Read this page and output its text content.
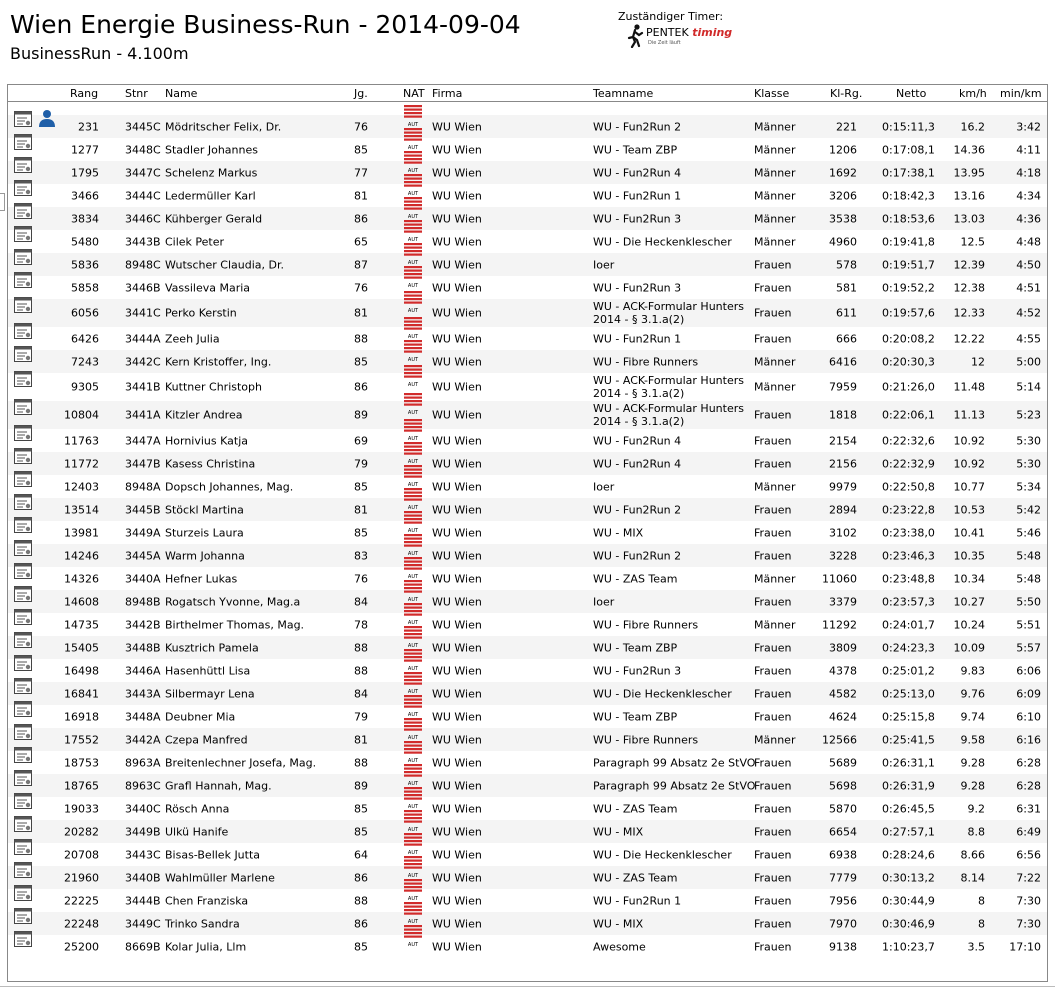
Wien Energie Business-Run - 2014-09-04
BusinessRun - 4.100m
Zuständiger Timer:
PENTEK timing
Die Zeit läuft
Rang Stnr Name	Jg.	NAT Firma	Teamname	Klasse	Kl-Rg.	Netto	km/h min/km
AUT
231 3445C Mödritscher Felix, Dr.	76	WU Wien	WU - Fun2Run 2	Männer	221 0:15:11,3 16.2	3:42
AUT
1277 3448C Stadler Johannes	85	WU Wien	WU - Team ZBP	Männer	1206 0:17:08,1 14.36	4:11
AUT
1795 3447C Schelenz Markus	77	WU Wien	WU - Fun2Run 4	Männer	1692 0:17:38,1 13.95	4:18
AUT
3466 3444C Ledermüller Karl	81	WU Wien	WU - Fun2Run 1	Männer	3206 0:18:42,3 13.16	4:34
AUT
3834 3446C Kühberger Gerald	86	WU Wien	WU - Fun2Run 3	Männer	3538 0:18:53,6 13.03	4:36
AUT
5480 3443B Cilek Peter	65	WU Wien	WU - Die Heckenklescher	Männer	4960 0:19:41,8 12.5	4:48
AUT
5836 8948C Wutscher Claudia, Dr.	87	WU Wien	Ioer	Frauen	578 0:19:51,7 12.39	4:50
AUT
5858 3446B Vassileva Maria	76	WU Wien	WU - Fun2Run 3	Frauen	581 0:19:52,2 12.38	4:51
AUT
6056 3441C Perko Kerstin	81	WU Wien	WU - ACK-Formular Hunters 2014 - § 3.1.a(2)	Frauen	611 0:19:57,6 12.33	4:52
AUT
6426 3444A Zeeh Julia	88	WU Wien	WU - Fun2Run 1	Frauen	666 0:20:08,2 12.22	4:55
AUT
7243 3442C Kern Kristoffer, Ing.	85	WU Wien	WU - Fibre Runners	Männer	6416 0:20:30,3	12	5:00
AUT
9305 3441B Kuttner Christoph	86	WU Wien	WU - ACK-Formular Hunters 2014 - § 3.1.a(2)	Männer	7959 0:21:26,0 11.48	5:14
AUT
10804 3441A Kitzler Andrea	89	WU Wien	WU - ACK-Formular Hunters 2014 - § 3.1.a(2)	Frauen	1818 0:22:06,1 11.13	5:23
AUT
11763 3447A Hornivius Katja	69	WU Wien	WU - Fun2Run 4	Frauen	2154 0:22:32,6 10.92	5:30
AUT
11772 3447B Kasess Christina	79	WU Wien	WU - Fun2Run 4	Frauen	2156 0:22:32,9 10.92	5:30
AUT
12403 8948A Dopsch Johannes, Mag.	85	WU Wien	Ioer	Männer	9979 0:22:50,8 10.77	5:34
AUT
13514 3445B Stöckl Martina	81	WU Wien	WU - Fun2Run 2	Frauen	2894 0:23:22,8 10.53	5:42
AUT
13981 3449A Sturzeis Laura	85	WU Wien	WU - MIX	Frauen	3102 0:23:38,0 10.41	5:46
AUT
14246 3445A Warm Johanna	83	WU Wien	WU - Fun2Run 2	Frauen	3228 0:23:46,3 10.35	5:48
AUT
14326 3440A Hefner Lukas	76	WU Wien	WU - ZAS Team	Männer 11060 0:23:48,8 10.34	5:48
AUT
14608 8948B Rogatsch Yvonne, Mag.a	84	WU Wien	Ioer	Frauen	3379 0:23:57,3 10.27	5:50
AUT
14735 3442B Birthelmer Thomas, Mag.	78	WU Wien	WU - Fibre Runners	Männer 11292 0:24:01,7 10.24	5:51
AUT
15405 3448B Kusztrich Pamela	88	WU Wien	WU - Team ZBP	Frauen	3809 0:24:23,3 10.09	5:57
AUT
16498 3446A Hasenhüttl Lisa	88	WU Wien	WU - Fun2Run 3	Frauen	4378 0:25:01,2 9.83	6:06
AUT
16841 3443A Silbermayr Lena	84	WU Wien	WU - Die Heckenklescher	Frauen	4582 0:25:13,0 9.76	6:09
AUT
16918 3448A Deubner Mia	79	WU Wien	WU - Team ZBP	Frauen	4624 0:25:15,8 9.74	6:10
AUT
17552 3442A Czepa Manfred	81	WU Wien	WU - Fibre Runners	Männer 12566 0:25:41,5 9.58	6:16
AUT
18753 8963A Breitenlechner Josefa, Mag.	88	WU Wien	Paragraph 99 Absatz 2e StVO
Frauen	5689 0:26:31,1 9.28	6:28
AUT
18765 8963C Grafl Hannah, Mag.	89	WU Wien	Paragraph 99 Absatz 2e StVO
Frauen	5698 0:26:31,9 9.28	6:28
AUT
19033 3440C Rösch Anna	85	WU Wien	WU - ZAS Team	Frauen	5870 0:26:45,5	9.2	6:31
AUT
20282 3449B Ulkü Hanife	85	WU Wien	WU - MIX	Frauen	6654 0:27:57,1	8.8	6:49
AUT
20708 3443C Bisas-Bellek Jutta	64	WU Wien	WU - Die Heckenklescher	Frauen	6938 0:28:24,6 8.66	6:56
AUT
21960 3440B Wahlmüller Marlene	86	WU Wien	WU - ZAS Team	Frauen	7779 0:30:13,2 8.14	7:22
AUT
22225 3444B Chen Franziska	88	WU Wien	WU - Fun2Run 1	Frauen	7956 0:30:44,9	8	7:30
AUT
22248 3449C Trinko Sandra	86	WU Wien	WU - MIX	Frauen	7970 0:30:46,9	8	7:30
AUT
25200 8669B Kolar Julia, Llm	85	WU Wien	Awesome	Frauen	9138 1:10:23,7	3.5 17:10
